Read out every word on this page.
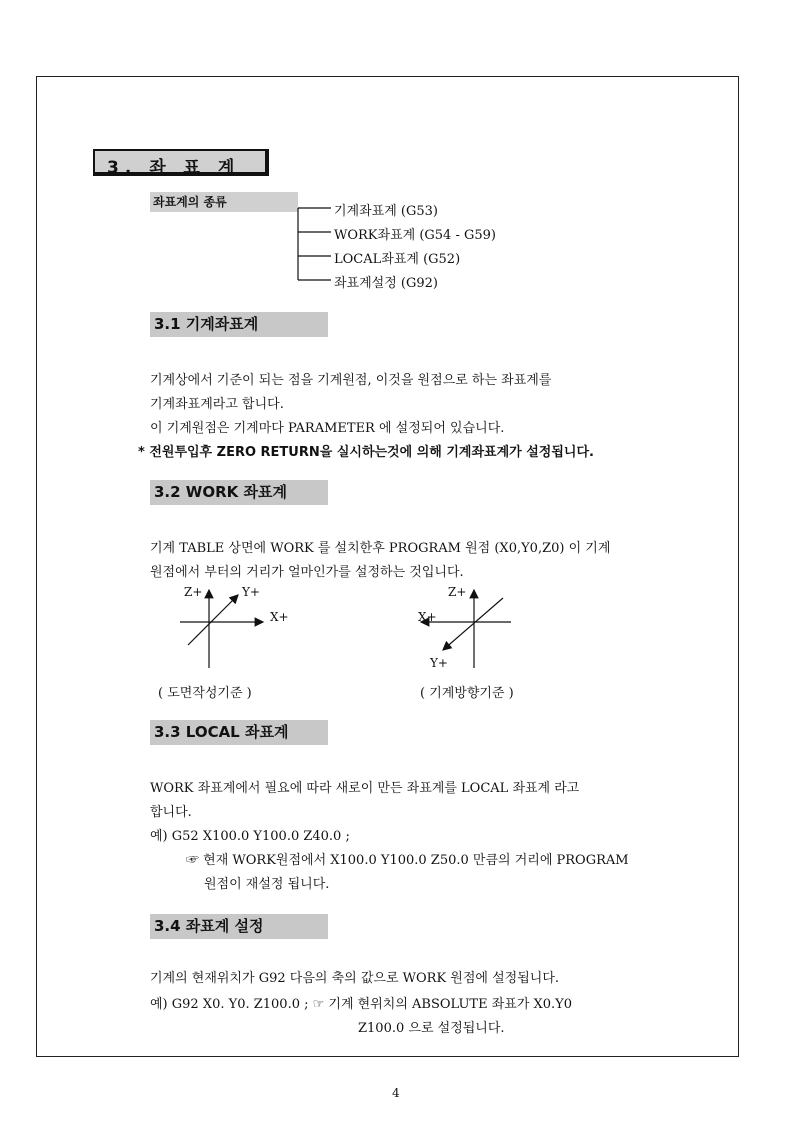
3. 좌 표 계
좌표계의 종류
기계좌표계 (G53)
WORK좌표계 (G54 - G59)
LOCAL좌표계 (G52)
좌표계설정 (G92)
3.1 기계좌표계
기계상에서 기준이 되는 점을 기계원점, 이것을 원점으로 하는 좌표계를
기계좌표계라고 합니다.
이 기계원점은 기계마다 PARAMETER 에 설정되어 있습니다.
* 전원투입후 ZERO RETURN을 실시하는것에 의해 기계좌표계가 설정됩니다.
3.2 WORK 좌표계
기계 TABLE 상면에 WORK 를 설치한후 PROGRAM 원점 (X0,Y0,Z0) 이 기계
원점에서 부터의 거리가 얼마인가를 설정하는 것입니다.
Z+	Y+
X+
( 도면작성기준 )
Z+
X+
Y+
( 기계방향기준 )
3.3 LOCAL 좌표계
WORK 좌표계에서 필요에 따라 새로이 만든 좌표계를 LOCAL 좌표계 라고
합니다.
예) G52 X100.0 Y100.0 Z40.0 ;
☞ 현재 WORK원점에서 X100.0 Y100.0 Z50.0 만큼의 거리에 PROGRAM
원점이 재설정 됩니다.
3.4 좌표계 설정
기계의 현재위치가 G92 다음의 축의 값으로 WORK 원점에 설정됩니다.
예) G92 X0. Y0. Z100.0 ; ☞ 기계 현위치의 ABSOLUTE 좌표가 X0.Y0
Z100.0 으로 설정됩니다.
4
